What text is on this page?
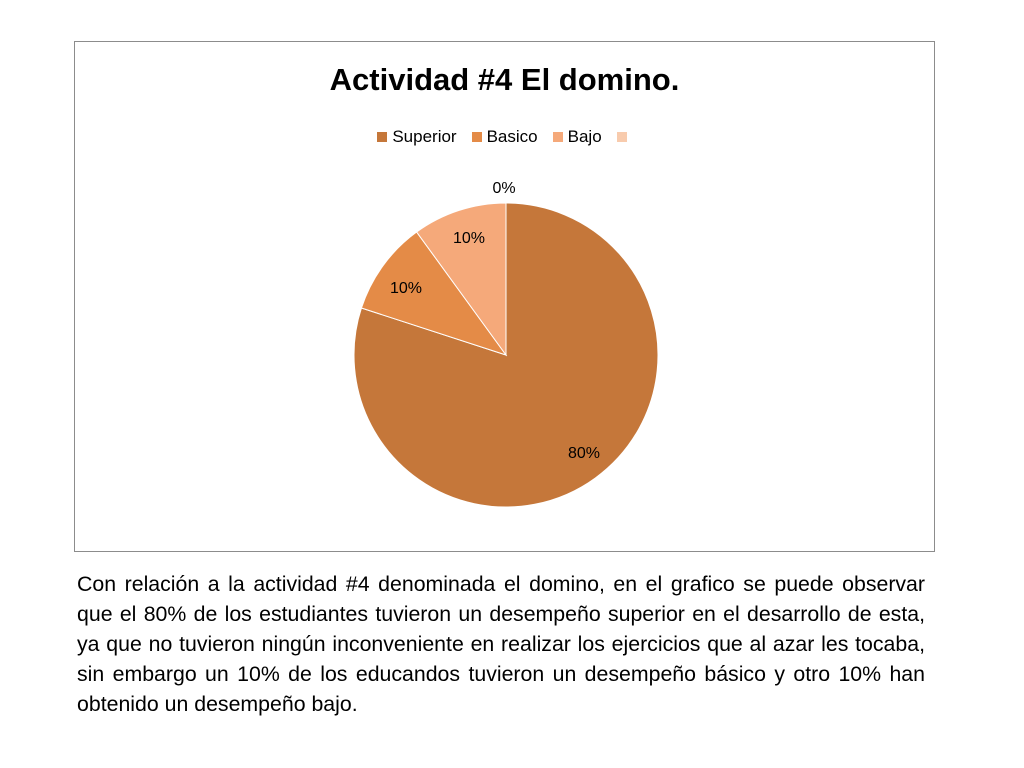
Actividad #4 El domino.
Superior Basico Bajo
80%
10%
10%
0%

Con relación a la actividad #4 denominada el domino, en el grafico se puede observar que el 80% de los estudiantes tuvieron un desempeño superior en el desarrollo de esta, ya que no tuvieron ningún inconveniente en realizar los ejercicios que al azar les tocaba, sin embargo un 10% de los educandos tuvieron un desempeño básico y otro 10% han obtenido un desempeño bajo.
